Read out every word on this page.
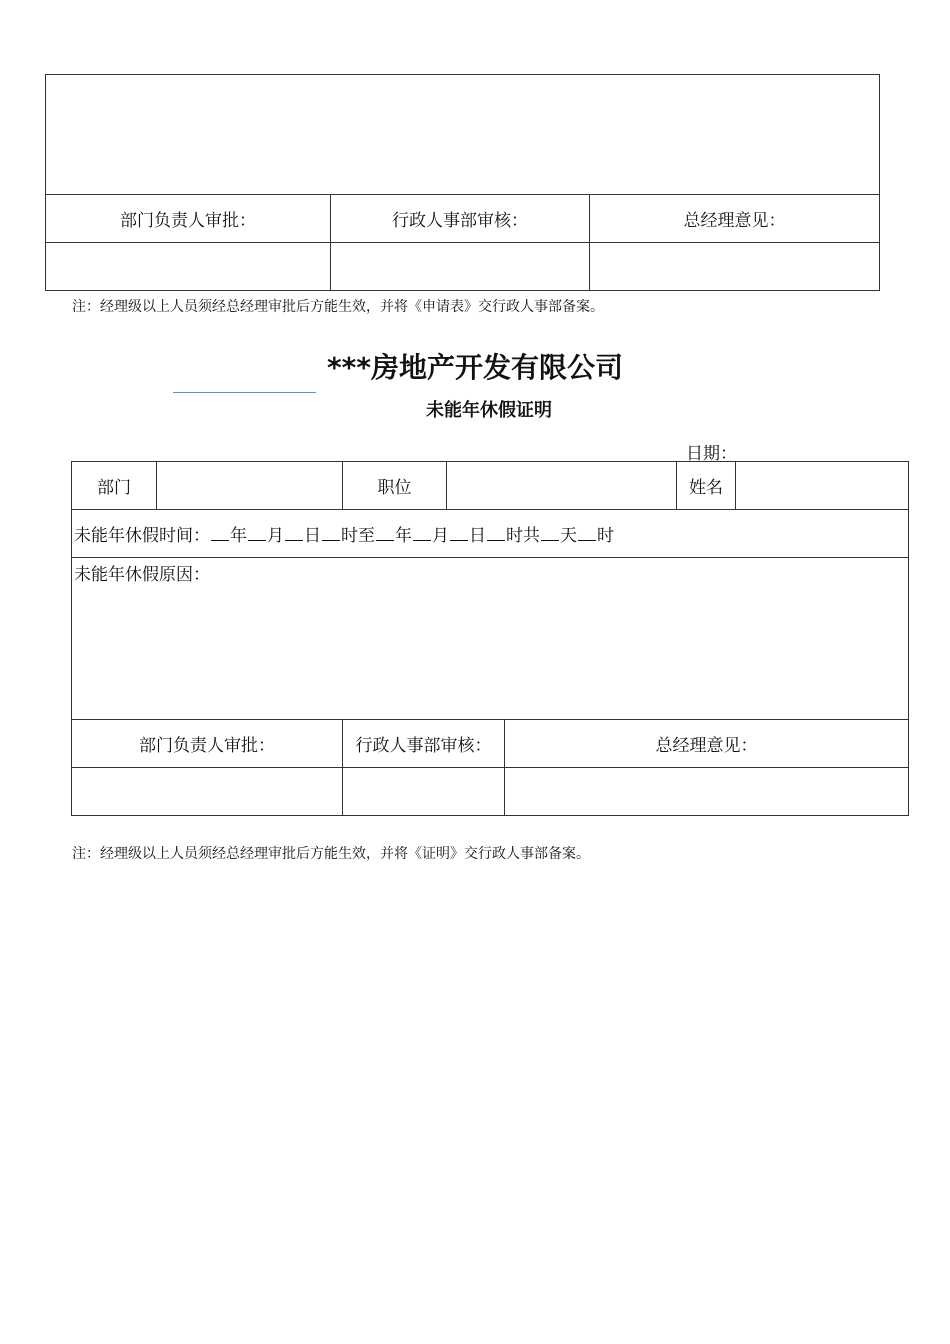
部门负责人审批：	行政人事部审核：	总经理意见：

注：经理级以上人员须经总经理审批后方能生效，并将《申请表》交行政人事部备案。
***房地产开发有限公司
未能年休假证明
日期：
部门		职位			姓名	
未能年休假时间： 年 月 日 时至 年 月 日 时共 天 时						
未能年休假原因：						
部门负责人审批：		行政人事部审核：		总经理意见：		

注：经理级以上人员须经总经理审批后方能生效，并将《证明》交行政人事部备案。
